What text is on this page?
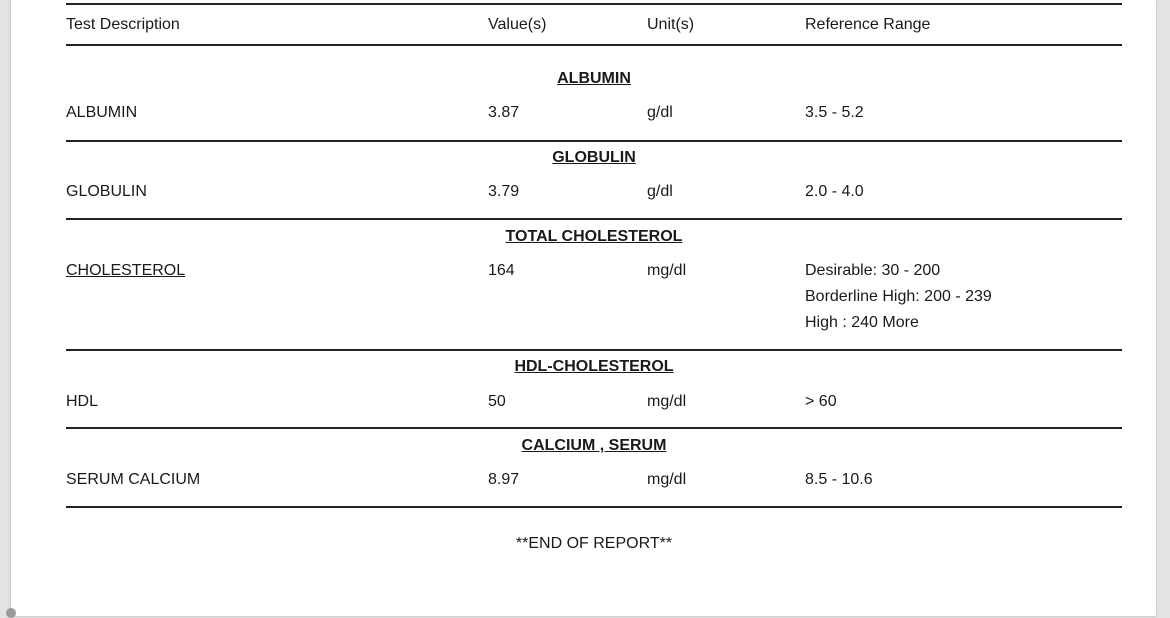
Test Description	Value(s)	Unit(s)	Reference Range
ALBUMIN
ALBUMIN	3.87	g/dl	3.5 - 5.2
GLOBULIN
GLOBULIN	3.79	g/dl	2.0 - 4.0
TOTAL CHOLESTEROL
CHOLESTEROL	164	mg/dl	Desirable: 30 - 200
Borderline High: 200 - 239
High : 240 More
HDL-CHOLESTEROL
HDL	50	mg/dl	> 60
CALCIUM , SERUM
SERUM CALCIUM	8.97	mg/dl	8.5 - 10.6
**END OF REPORT**
